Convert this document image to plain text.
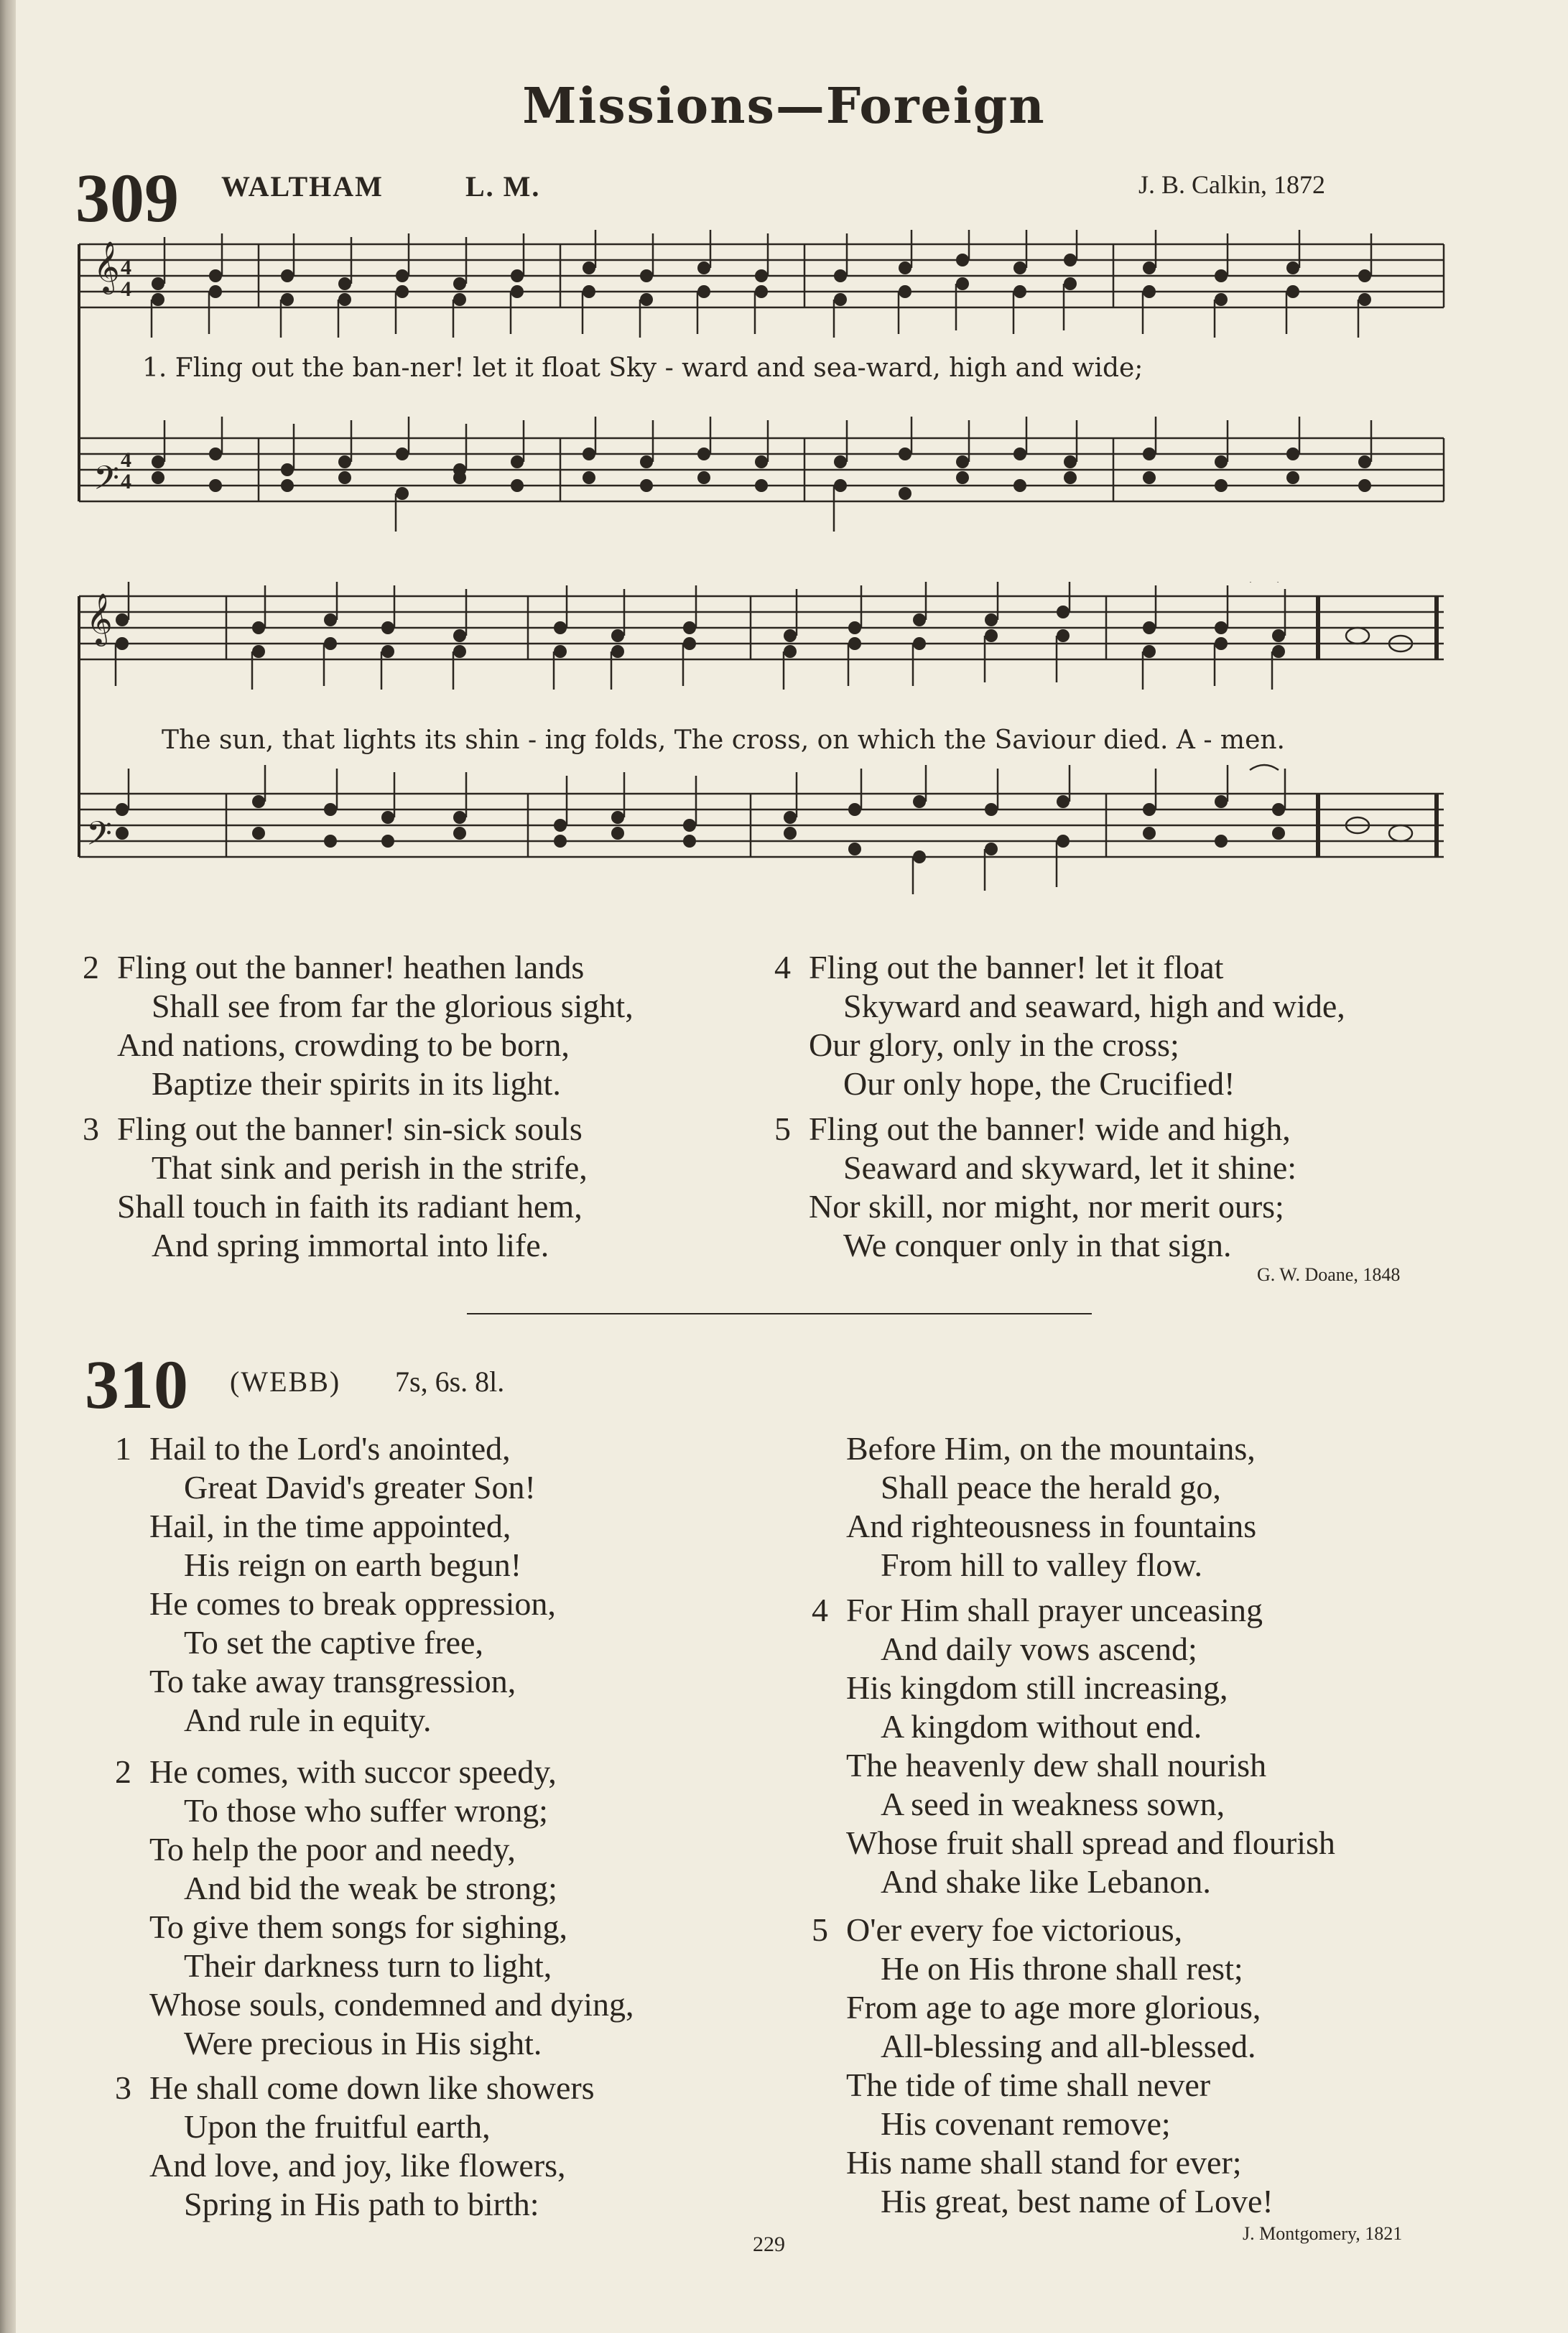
Missions—Foreign
309 WALTHAM	L. M.	J. B. Calkin, 1872
𝄞
𝄢
4
4
4
4
1. Fling out the ban-ner! let it float Sky - ward and sea-ward, high and wide;
𝄞
𝄢
The sun, that lights its shin - ing folds, The cross, on which the Saviour died. A - men.
2 Fling out the banner! heathen lands
Shall see from far the glorious sight,
And nations, crowding to be born,
Baptize their spirits in its light.
3 Fling out the banner! sin-sick souls
That sink and perish in the strife,
Shall touch in faith its radiant hem,
And spring immortal into life.
4 Fling out the banner! let it float
Skyward and seaward, high and wide,
Our glory, only in the cross;
Our only hope, the Crucified!
5 Fling out the banner! wide and high,
Seaward and skyward, let it shine:
Nor skill, nor might, nor merit ours;
We conquer only in that sign.
G. W. Doane, 1848
310 (WEBB) 7s, 6s. 8l.
1 Hail to the Lord's anointed,
Great David's greater Son!
Hail, in the time appointed,
His reign on earth begun!
He comes to break oppression,
To set the captive free,
To take away transgression,
And rule in equity.
2 He comes, with succor speedy,
To those who suffer wrong;
To help the poor and needy,
And bid the weak be strong;
To give them songs for sighing,
Their darkness turn to light,
Whose souls, condemned and dying,
Were precious in His sight.
3 He shall come down like showers
Upon the fruitful earth,
And love, and joy, like flowers,
Spring in His path to birth:
Before Him, on the mountains,
Shall peace the herald go,
And righteousness in fountains
From hill to valley flow.
4 For Him shall prayer unceasing
And daily vows ascend;
His kingdom still increasing,
A kingdom without end.
The heavenly dew shall nourish
A seed in weakness sown,
Whose fruit shall spread and flourish
And shake like Lebanon.
5 O'er every foe victorious,
He on His throne shall rest;
From age to age more glorious,
All-blessing and all-blessed.
The tide of time shall never
His covenant remove;
His name shall stand for ever;
His great, best name of Love!
J. Montgomery, 1821
229
